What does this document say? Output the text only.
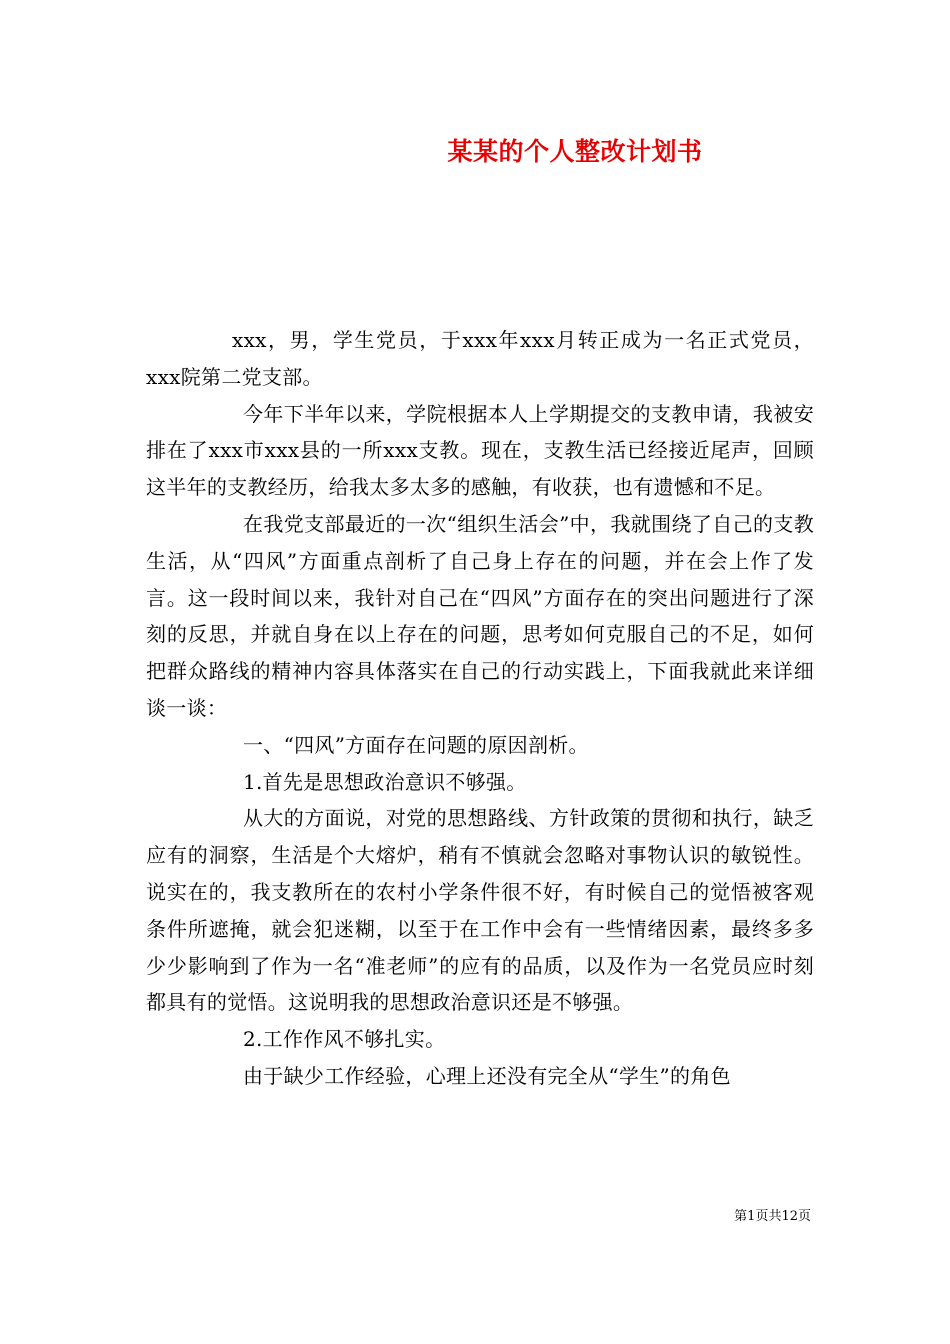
某某的个人整改计划书

xxx，男，学生党员，于xxx年xxx月转正成为一名正式党员，xxx院第二党支部。

今年下半年以来，学院根据本人上学期提交的支教申请，我被安排在了xxx市xxx县的一所xxx支教。现在，支教生活已经接近尾声，回顾这半年的支教经历，给我太多太多的感触，有收获，也有遗憾和不足。

在我党支部最近的一次“组织生活会”中，我就围绕了自己的支教生活，从“四风”方面重点剖析了自己身上存在的问题，并在会上作了发言。这一段时间以来，我针对自己在“四风”方面存在的突出问题进行了深刻的反思，并就自身在以上存在的问题，思考如何克服自己的不足，如何把群众路线的精神内容具体落实在自己的行动实践上，下面我就此来详细谈一谈：

一、“四风”方面存在问题的原因剖析。

1.首先是思想政治意识不够强。

从大的方面说，对党的思想路线、方针政策的贯彻和执行，缺乏应有的洞察，生活是个大熔炉，稍有不慎就会忽略对事物认识的敏锐性。说实在的，我支教所在的农村小学条件很不好，有时候自己的觉悟被客观条件所遮掩，就会犯迷糊，以至于在工作中会有一些情绪因素，最终多多少少影响到了作为一名“准老师”的应有的品质，以及作为一名党员应时刻都具有的觉悟。这说明我的思想政治意识还是不够强。

2.工作作风不够扎实。

由于缺少工作经验，心理上还没有完全从“学生”的角色

第1页共12页
